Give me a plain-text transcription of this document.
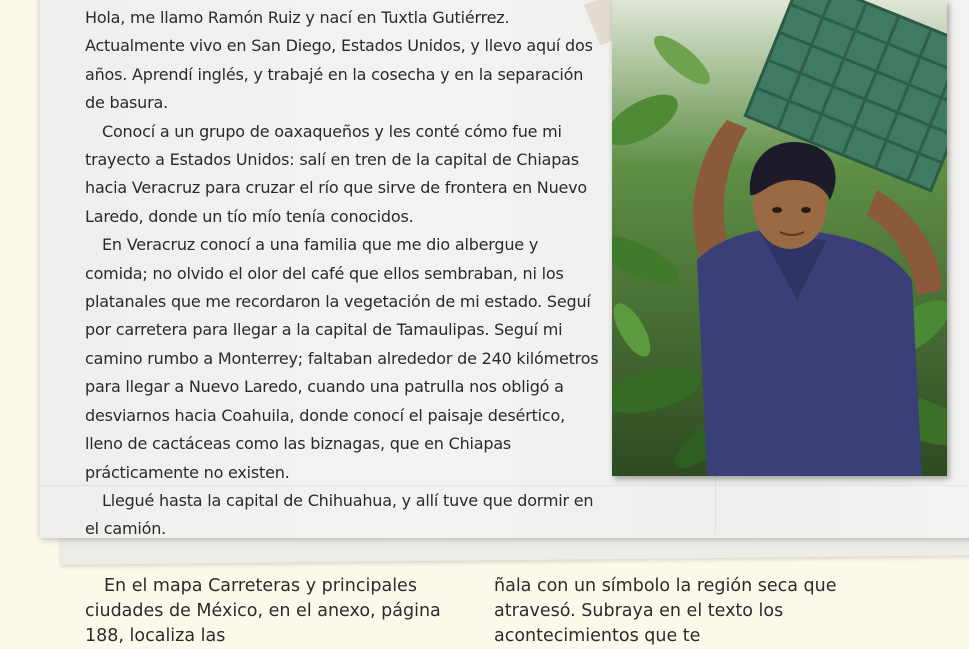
Hola, me llamo Ramón Ruiz y nací en Tuxtla Gutiérrez. Actualmente vivo en San Diego, Estados Unidos, y llevo aquí dos años. Aprendí inglés, y trabajé en la cosecha y en la separación de basura.

Conocí a un grupo de oaxaqueños y les conté cómo fue mi trayecto a Estados Unidos: salí en tren de la capital de Chiapas hacia Veracruz para cruzar el río que sirve de frontera en Nuevo Laredo, donde un tío mío tenía conocidos.

En Veracruz conocí a una familia que me dio albergue y comida; no olvido el olor del café que ellos sembraban, ni los platanales que me recordaron la vegetación de mi estado. Seguí por carretera para llegar a la capital de Tamaulipas. Seguí mi camino rumbo a Monterrey; faltaban alrededor de 240 kilómetros para llegar a Nuevo Laredo, cuando una patrulla nos obligó a desviarnos hacia Coahuila, donde conocí el paisaje desértico, lleno de cactáceas como las biznagas, que en Chiapas prácticamente no existen.

Llegué hasta la capital de Chihuahua, y allí tuve que dormir en el camión.

En el mapa Carreteras y principales ciudades de México, en el anexo, página 188, localiza las

ñala con un símbolo la región seca que atravesó. Subraya en el texto los acontecimientos que te
